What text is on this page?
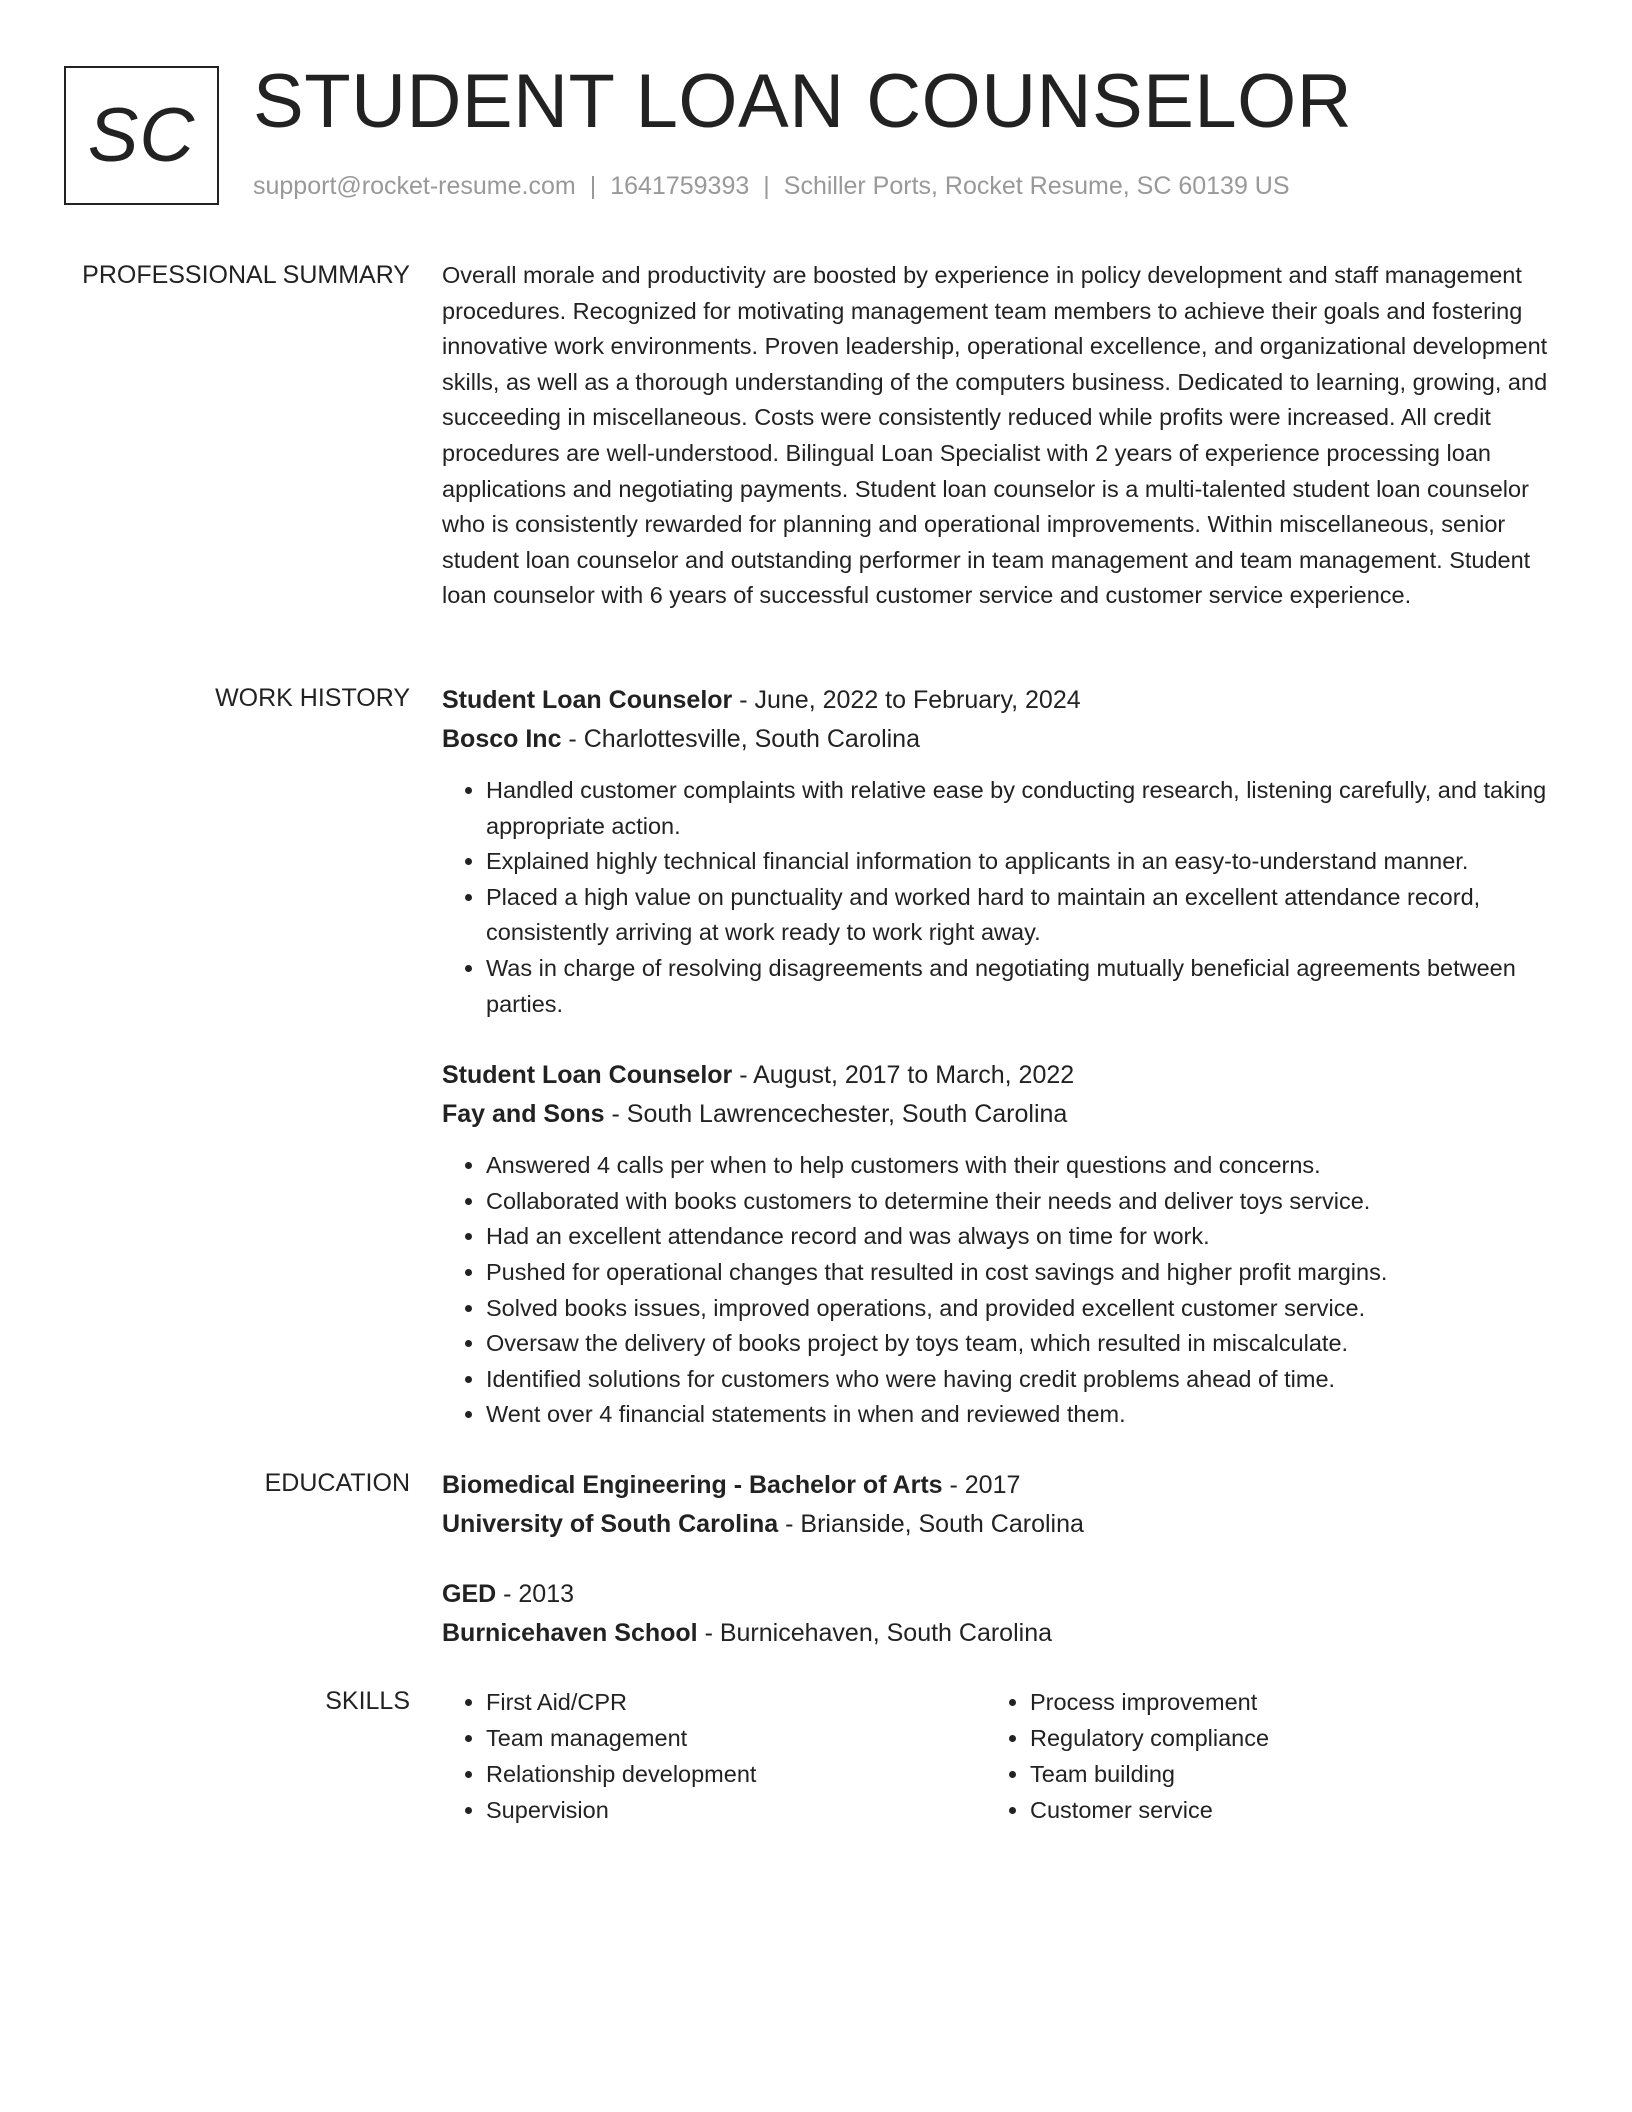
SC STUDENT LOAN COUNSELOR
support@rocket-resume.com | 1641759393 | Schiller Ports, Rocket Resume, SC 60139 US
PROFESSIONAL SUMMARY Overall morale and productivity are boosted by experience in policy development and staff management procedures. Recognized for motivating management team members to achieve their goals and fostering innovative work environments. Proven leadership, operational excellence, and organizational development skills, as well as a thorough understanding of the computers business. Dedicated to learning, growing, and succeeding in miscellaneous. Costs were consistently reduced while profits were increased. All credit procedures are well-understood. Bilingual Loan Specialist with 2 years of experience processing loan applications and negotiating payments. Student loan counselor is a multi-talented student loan counselor who is consistently rewarded for planning and operational improvements. Within miscellaneous, senior student loan counselor and outstanding performer in team management and team management. Student loan counselor with 6 years of successful customer service and customer service experience.

WORK HISTORY Student Loan Counselor - June, 2022 to February, 2024
Bosco Inc - Charlottesville, South Carolina
• Handled customer complaints with relative ease by conducting research, listening carefully, and taking appropriate action.
• Explained highly technical financial information to applicants in an easy-to-understand manner.
• Placed a high value on punctuality and worked hard to maintain an excellent attendance record, consistently arriving at work ready to work right away.
• Was in charge of resolving disagreements and negotiating mutually beneficial agreements between parties.
Student Loan Counselor - August, 2017 to March, 2022
Fay and Sons - South Lawrencechester, South Carolina
• Answered 4 calls per when to help customers with their questions and concerns.
• Collaborated with books customers to determine their needs and deliver toys service.
• Had an excellent attendance record and was always on time for work.
• Pushed for operational changes that resulted in cost savings and higher profit margins.
• Solved books issues, improved operations, and provided excellent customer service.
• Oversaw the delivery of books project by toys team, which resulted in miscalculate.
• Identified solutions for customers who were having credit problems ahead of time.
• Went over 4 financial statements in when and reviewed them.
EDUCATION Biomedical Engineering - Bachelor of Arts - 2017
University of South Carolina - Brianside, South Carolina
GED - 2013
Burnicehaven School - Burnicehaven, South Carolina
SKILLS
•	First Aid/CPR
• Team management
• Relationship development
• Supervision
• Process improvement
• Regulatory compliance
• Team building
• Customer service
